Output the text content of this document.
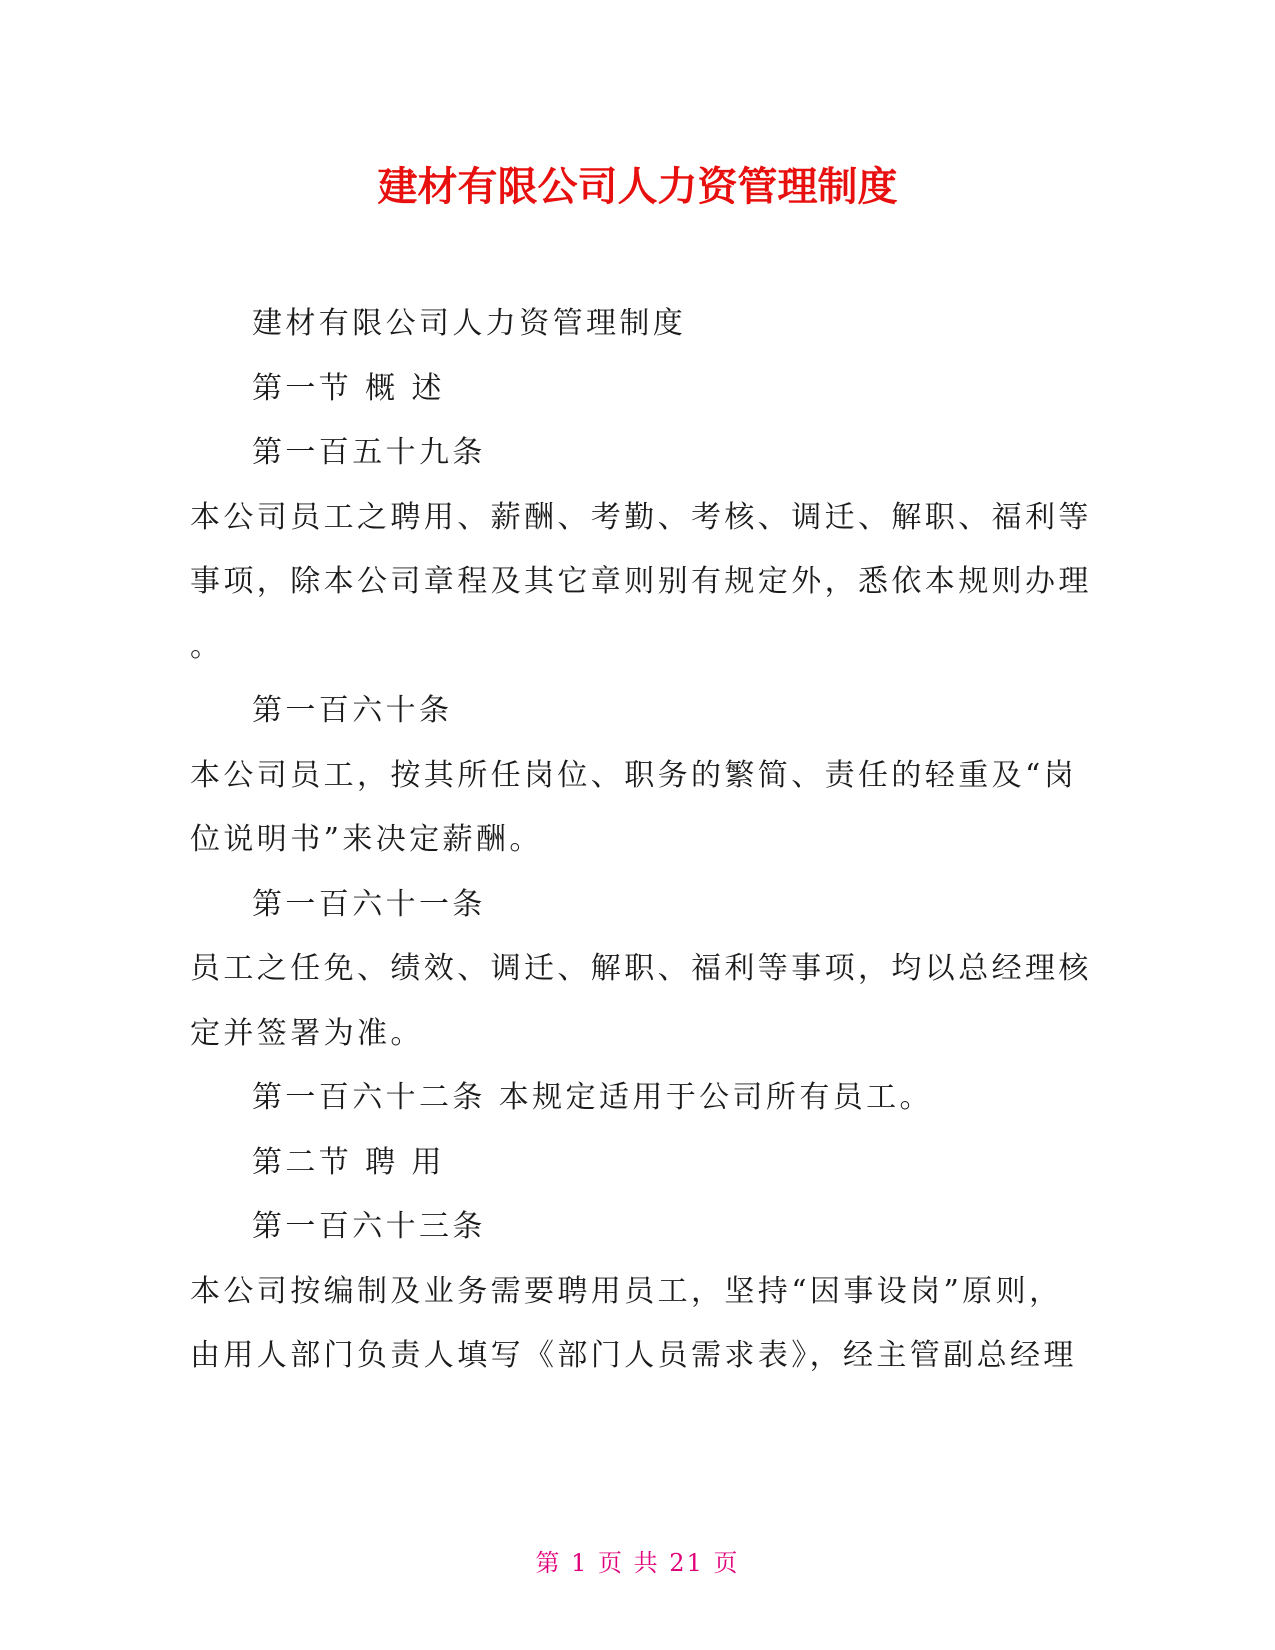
建材有限公司人力资管理制度
建材有限公司人力资管理制度
第一节 概 述
第一百五十九条
本公司员工之聘用、薪酬、考勤、考核、调迁、解职、福利等
事项，除本公司章程及其它章则别有规定外，悉依本规则办理
。
第一百六十条
本公司员工，按其所任岗位、职务的繁简、责任的轻重及“岗
位说明书”来决定薪酬。
第一百六十一条
员工之任免、绩效、调迁、解职、福利等事项，均以总经理核
定并签署为准。
第一百六十二条 本规定适用于公司所有员工。
第二节 聘 用
第一百六十三条
本公司按编制及业务需要聘用员工，坚持“因事设岗”原则，
由用人部门负责人填写《部门人员需求表》，经主管副总经理
第 1 页 共 21 页
